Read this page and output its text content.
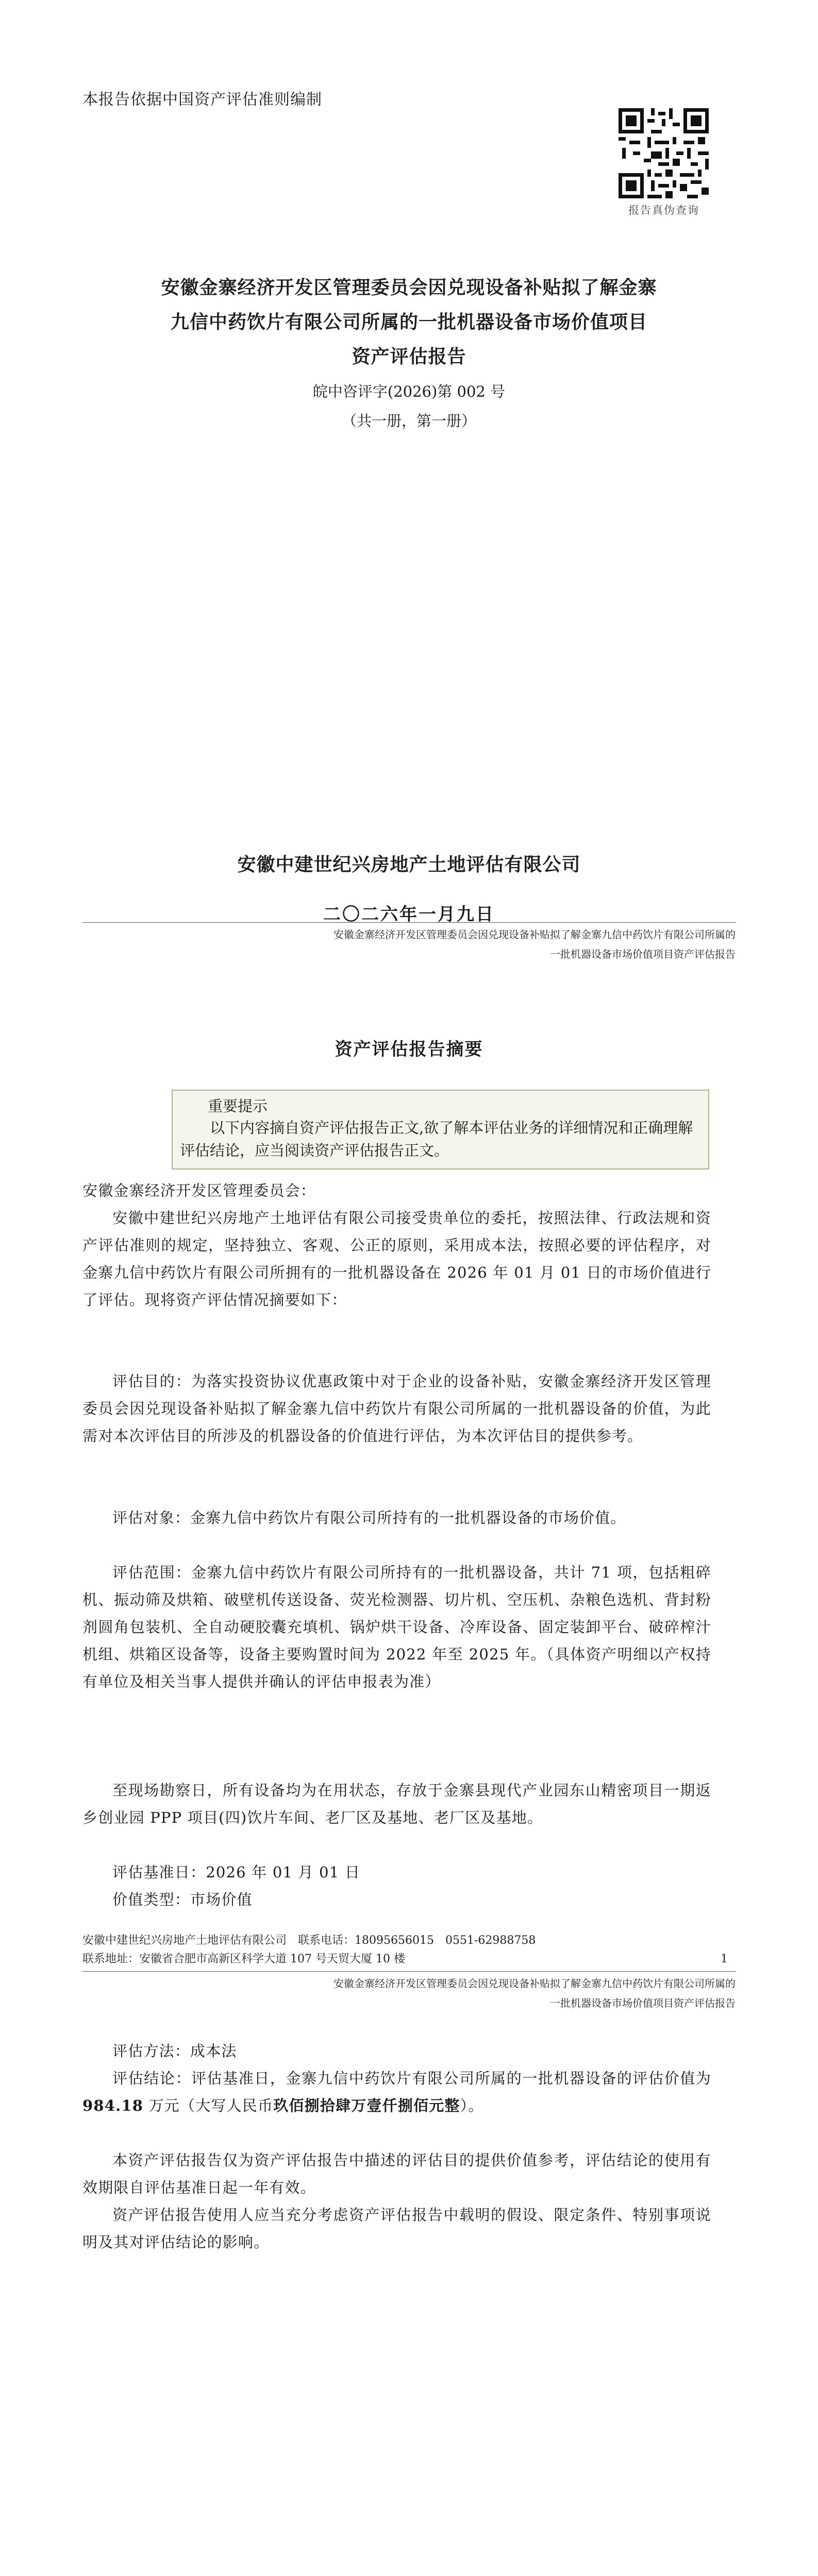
本报告依据中国资产评估准则编制
报告真伪查询
安徽金寨经济开发区管理委员会因兑现设备补贴拟了解金寨
九信中药饮片有限公司所属的一批机器设备市场价值项目
资产评估报告
皖中咨评字(2026)第 002 号
（共一册，第一册）
安徽中建世纪兴房地产土地评估有限公司
二〇二六年一月九日
安徽金寨经济开发区管理委员会因兑现设备补贴拟了解金寨九信中药饮片有限公司所属的
一批机器设备市场价值项目资产评估报告
资产评估报告摘要
重要提示
以下内容摘自资产评估报告正文,欲了解本评估业务的详细情况和正确理解评估结论，应当阅读资产评估报告正文。
安徽金寨经济开发区管理委员会：
安徽中建世纪兴房地产土地评估有限公司接受贵单位的委托，按照法律、行政法规和资产评估准则的规定，坚持独立、客观、公正的原则，采用成本法，按照必要的评估程序，对金寨九信中药饮片有限公司所拥有的一批机器设备在 2026 年 01 月 01 日的市场价值进行了评估。现将资产评估情况摘要如下：
评估目的：为落实投资协议优惠政策中对于企业的设备补贴，安徽金寨经济开发区管理委员会因兑现设备补贴拟了解金寨九信中药饮片有限公司所属的一批机器设备的价值，为此需对本次评估目的所涉及的机器设备的价值进行评估，为本次评估目的提供参考。
评估对象：金寨九信中药饮片有限公司所持有的一批机器设备的市场价值。
评估范围：金寨九信中药饮片有限公司所持有的一批机器设备，共计 71 项，包括粗碎机、振动筛及烘箱、破壁机传送设备、荧光检测器、切片机、空压机、杂粮色选机、背封粉剂圆角包装机、全自动硬胶囊充填机、锅炉烘干设备、冷库设备、固定装卸平台、破碎榨汁机组、烘箱区设备等，设备主要购置时间为 2022 年至 2025 年。（具体资产明细以产权持有单位及相关当事人提供并确认的评估申报表为准）
至现场勘察日，所有设备均为在用状态，存放于金寨县现代产业园东山精密项目一期返乡创业园 PPP 项目(四)饮片车间、老厂区及基地、老厂区及基地。
评估基准日：2026 年 01 月 01 日
价值类型：市场价值
安徽中建世纪兴房地产土地评估有限公司
　 联系电话： 18095656015　0551-62988758
联系地址： 安徽省合肥市高新区科学大道 107 号天贸大厦 10 楼	1
安徽金寨经济开发区管理委员会因兑现设备补贴拟了解金寨九信中药饮片有限公司所属的
一批机器设备市场价值项目资产评估报告
评估方法：成本法
评估结论：评估基准日，金寨九信中药饮片有限公司所属的一批机器设备的评估价值为 984.18 万元（大写人民币玖佰捌拾肆万壹仟捌佰元整）。
本资产评估报告仅为资产评估报告中描述的评估目的提供价值参考，评估结论的使用有效期限自评估基准日起一年有效。
资产评估报告使用人应当充分考虑资产评估报告中载明的假设、限定条件、特别事项说明及其对评估结论的影响。
